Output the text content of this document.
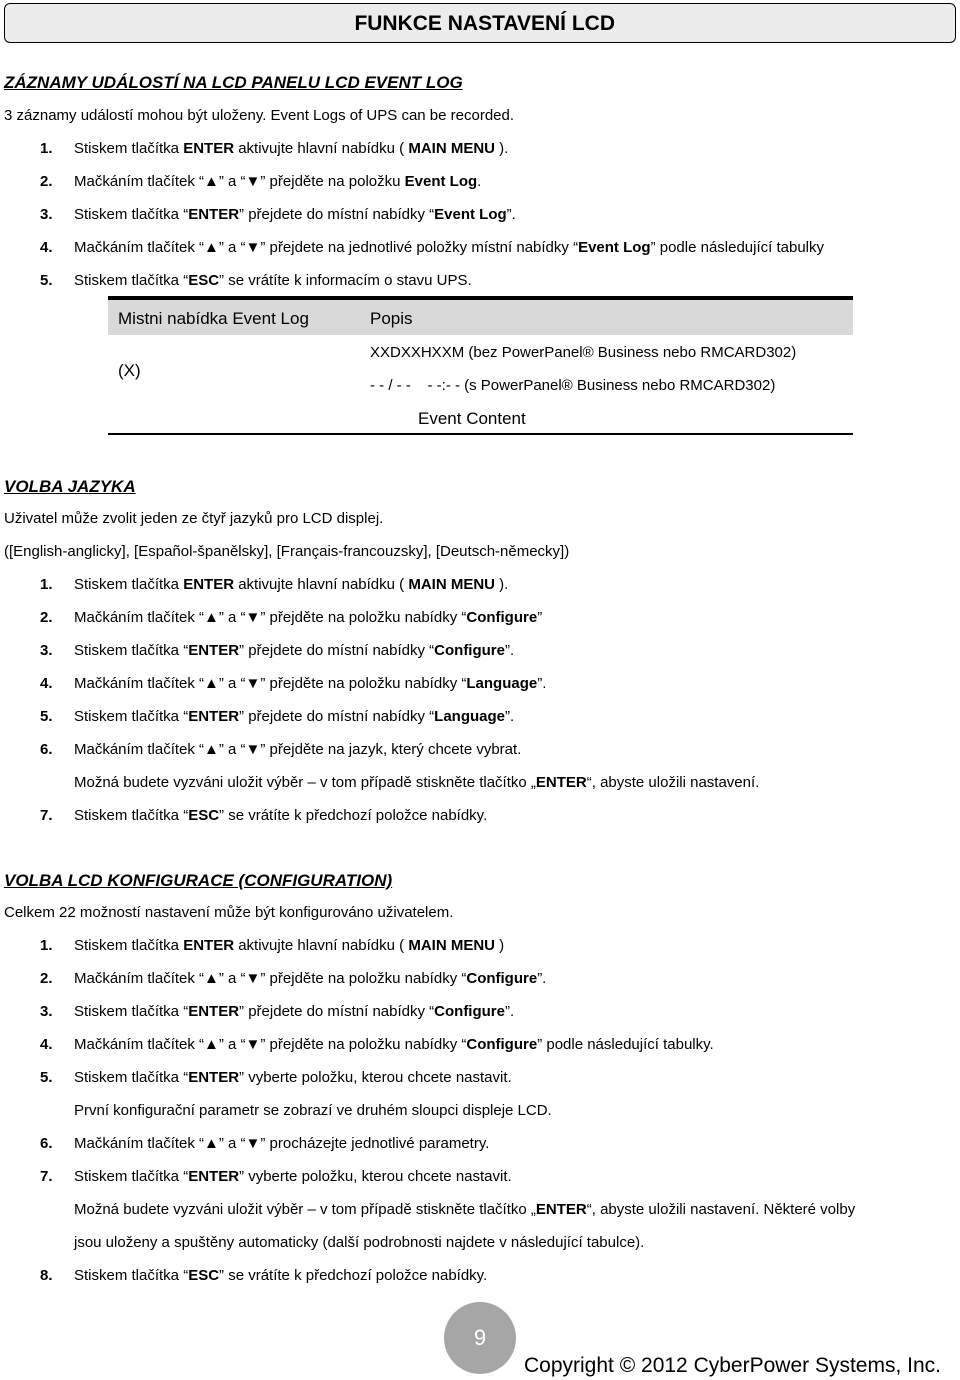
FUNKCE NASTAVENÍ LCD
ZÁZNAMY UDÁLOSTÍ NA LCD PANELU LCD EVENT LOG
3 záznamy událostí mohou být uloženy. Event Logs of UPS can be recorded.
1. Stiskem tlačítka ENTER aktivujte hlavní nabídku ( MAIN MENU ).
2. Mačkáním tlačítek “▲” a “▼” přejděte na položku Event Log.
3. Stiskem tlačítka “ENTER” přejdete do místní nabídky “Event Log”.
4. Mačkáním tlačítek “▲” a “▼” přejdete na jednotlivé položky místní nabídky “Event Log” podle následující tabulky
5. Stiskem tlačítka “ESC” se vrátíte k informacím o stavu UPS.
Mistni nabídka Event Log	Popis
(X)
XXDXXHXXM (bez PowerPanel® Business nebo RMCARD302)
- - / - -    - -:- - (s PowerPanel® Business nebo RMCARD302)
Event Content
VOLBA JAZYKA
Uživatel může zvolit jeden ze čtyř jazyků pro LCD displej.
([English-anglicky], [Español-španělsky], [Français-francouzsky], [Deutsch-německy])
1. Stiskem tlačítka ENTER aktivujte hlavní nabídku ( MAIN MENU ).
2. Mačkáním tlačítek “▲” a “▼” přejděte na položku nabídky “Configure”
3. Stiskem tlačítka “ENTER” přejdete do místní nabídky “Configure”.
4. Mačkáním tlačítek “▲” a “▼” přejděte na položku nabídky “Language”.
5. Stiskem tlačítka “ENTER” přejdete do místní nabídky “Language”.
6. Mačkáním tlačítek “▲” a “▼” přejděte na jazyk, který chcete vybrat.
Možná budete vyzváni uložit výběr – v tom případě stiskněte tlačítko „ENTER“, abyste uložili nastavení.
7. Stiskem tlačítka “ESC” se vrátíte k předchozí položce nabídky.
VOLBA LCD KONFIGURACE (CONFIGURATION)
Celkem 22 možností nastavení může být konfigurováno uživatelem.
1. Stiskem tlačítka ENTER aktivujte hlavní nabídku ( MAIN MENU )
2. Mačkáním tlačítek “▲” a “▼” přejděte na položku nabídky “Configure”.
3. Stiskem tlačítka “ENTER” přejdete do místní nabídky “Configure”.
4. Mačkáním tlačítek “▲” a “▼” přejděte na položku nabídky “Configure” podle následující tabulky.
5. Stiskem tlačítka “ENTER” vyberte položku, kterou chcete nastavit.
První konfigurační parametr se zobrazí ve druhém sloupci displeje LCD.
6. Mačkáním tlačítek “▲” a “▼” procházejte jednotlivé parametry.
7. Stiskem tlačítka “ENTER” vyberte položku, kterou chcete nastavit.
Možná budete vyzváni uložit výběr – v tom případě stiskněte tlačítko „ENTER“, abyste uložili nastavení. Některé volby
jsou uloženy a spuštěny automaticky (další podrobnosti najdete v následující tabulce).
8. Stiskem tlačítka “ESC” se vrátíte k předchozí položce nabídky.
9
Copyright © 2012 CyberPower Systems, Inc.
